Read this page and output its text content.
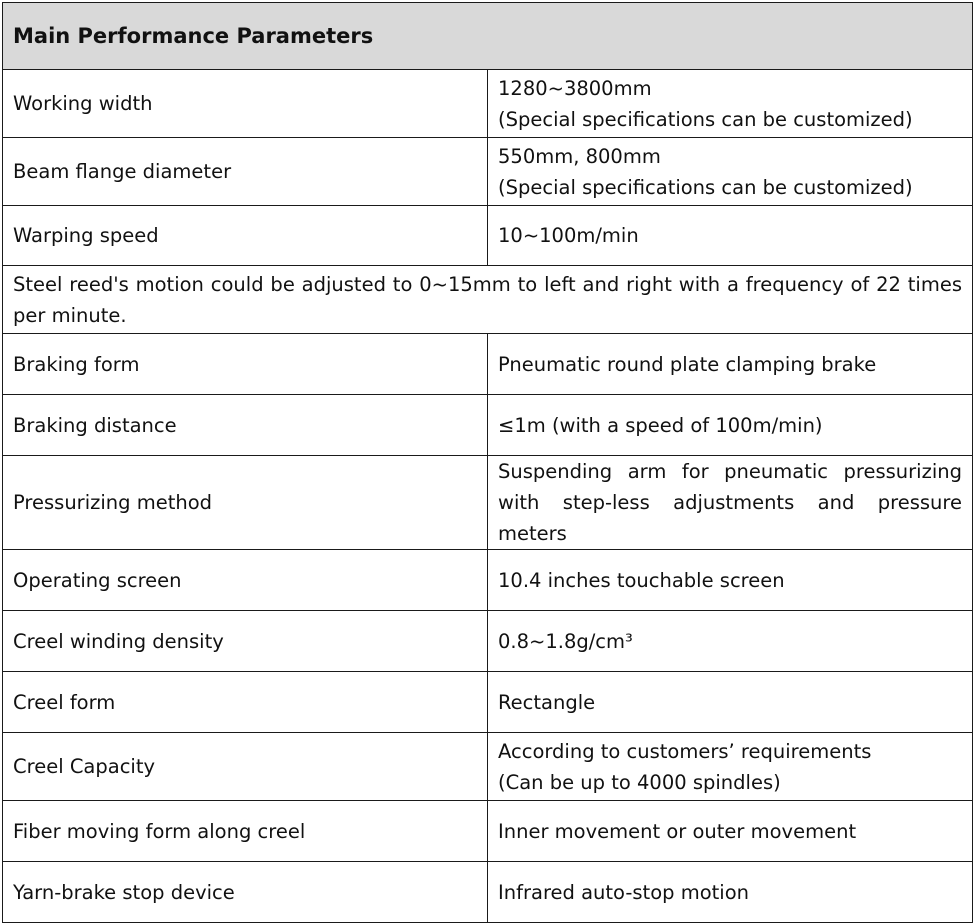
Main Performance Parameters	
Working width	1280~3800mm
(Special specifications can be customized)
Beam flange diameter	550mm, 800mm
(Special specifications can be customized)
Warping speed	10~100m/min
Steel reed's motion could be adjusted to 0~15mm to left and right with a frequency of 22 times per minute.	
Braking form	Pneumatic round plate clamping brake
Braking distance	≤1m (with a speed of 100m/min)
Pressurizing method	Suspending arm for pneumatic pressurizing with step-less adjustments and pressure meters
Operating screen	10.4 inches touchable screen
Creel winding density	0.8~1.8g/cm³
Creel form	Rectangle
Creel Capacity	According to customers’ requirements
(Can be up to 4000 spindles)
Fiber moving form along creel	Inner movement or outer movement
Yarn-brake stop device	Infrared auto-stop motion
